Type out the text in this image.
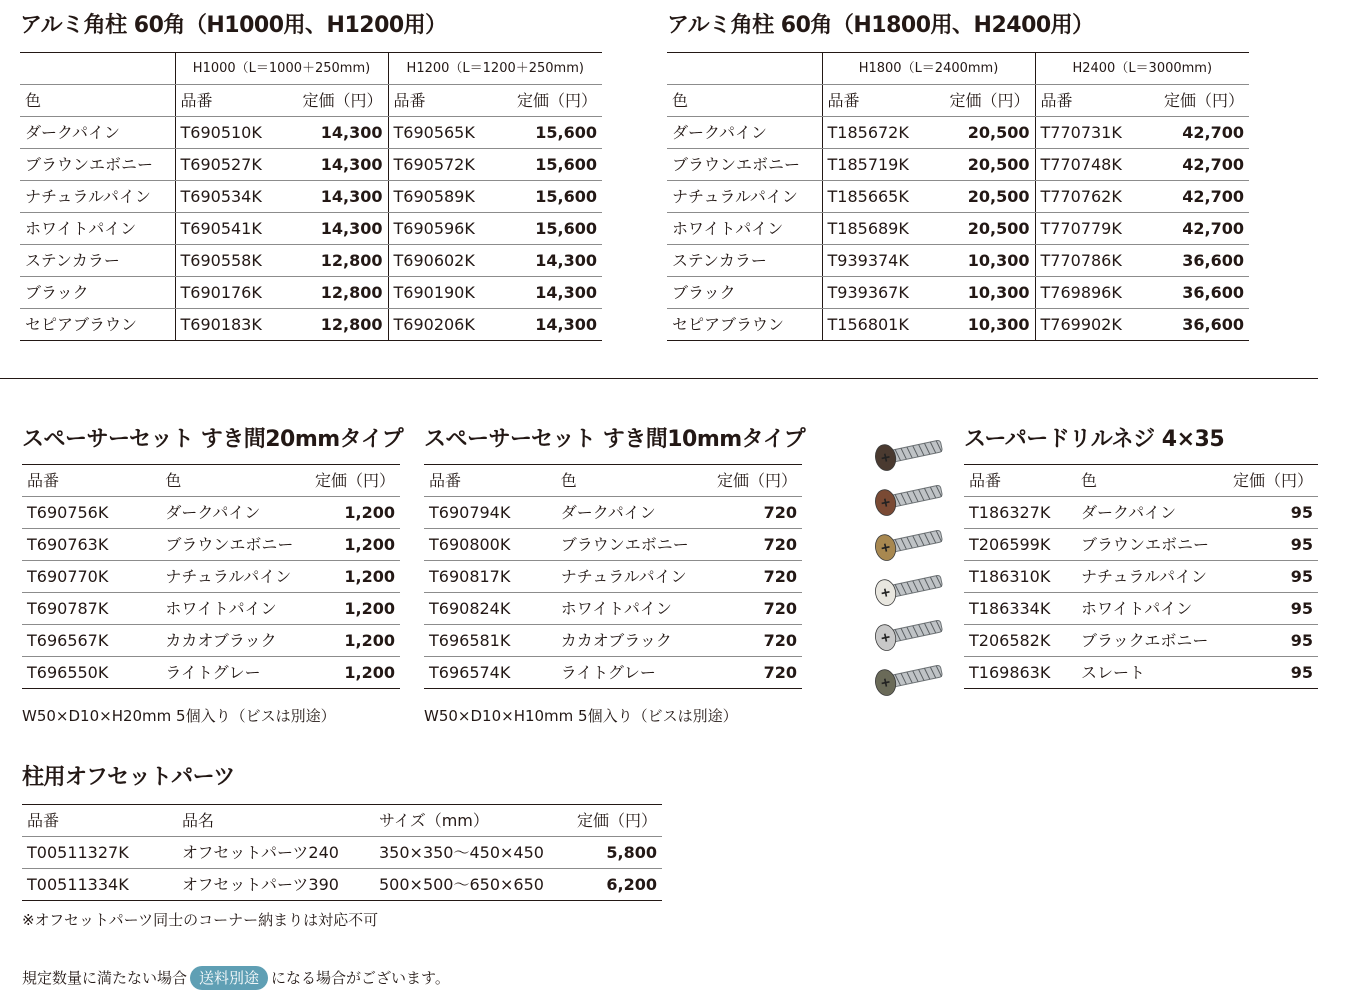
アルミ角柱 60角（H1000用、H1200用）
	H1000（L＝1000＋250mm)		H1200（L＝1200＋250mm)	
色	品番	定価（円）	品番	定価（円）
ダークパイン	T690510K	14,300	T690565K	15,600
ブラウンエボニー	T690527K	14,300	T690572K	15,600
ナチュラルパイン	T690534K	14,300	T690589K	15,600
ホワイトパイン	T690541K	14,300	T690596K	15,600
ステンカラー	T690558K	12,800	T690602K	14,300
ブラック	T690176K	12,800	T690190K	14,300
セピアブラウン	T690183K	12,800	T690206K	14,300
アルミ角柱 60角（H1800用、H2400用）
	H1800（L＝2400mm)		H2400（L＝3000mm)	
色	品番	定価（円）	品番	定価（円）
ダークパイン	T185672K	20,500	T770731K	42,700
ブラウンエボニー	T185719K	20,500	T770748K	42,700
ナチュラルパイン	T185665K	20,500	T770762K	42,700
ホワイトパイン	T185689K	20,500	T770779K	42,700
ステンカラー	T939374K	10,300	T770786K	36,600
ブラック	T939367K	10,300	T769896K	36,600
セピアブラウン	T156801K	10,300	T769902K	36,600
スペーサーセット すき間20mmタイプ
品番	色	定価（円）
T690756K	ダークパイン	1,200
T690763K	ブラウンエボニー	1,200
T690770K	ナチュラルパイン	1,200
T690787K	ホワイトパイン	1,200
T696567K	カカオブラック	1,200
T696550K	ライトグレー	1,200
W50×D10×H20mm 5個入り（ビスは別途）
スペーサーセット すき間10mmタイプ
品番	色	定価（円）
T690794K	ダークパイン	720
T690800K	ブラウンエボニー	720
T690817K	ナチュラルパイン	720
T690824K	ホワイトパイン	720
T696581K	カカオブラック	720
T696574K	ライトグレー	720
W50×D10×H10mm 5個入り（ビスは別途）
スーパードリルネジ 4×35
品番	色	定価（円）
T186327K	ダークパイン	95
T206599K	ブラウンエボニー	95
T186310K	ナチュラルパイン	95
T186334K	ホワイトパイン	95
T206582K	ブラックエボニー	95
T169863K	スレート	95
柱用オフセットパーツ
品番	品名	サイズ（mm）	定価（円）
T00511327K	オフセットパーツ240	350×350〜450×450	5,800
T00511334K	オフセットパーツ390	500×500〜650×650	6,200
※オフセットパーツ同士のコーナー納まりは対応不可
規定数量に満たない場合 送料別途 になる場合がございます。
